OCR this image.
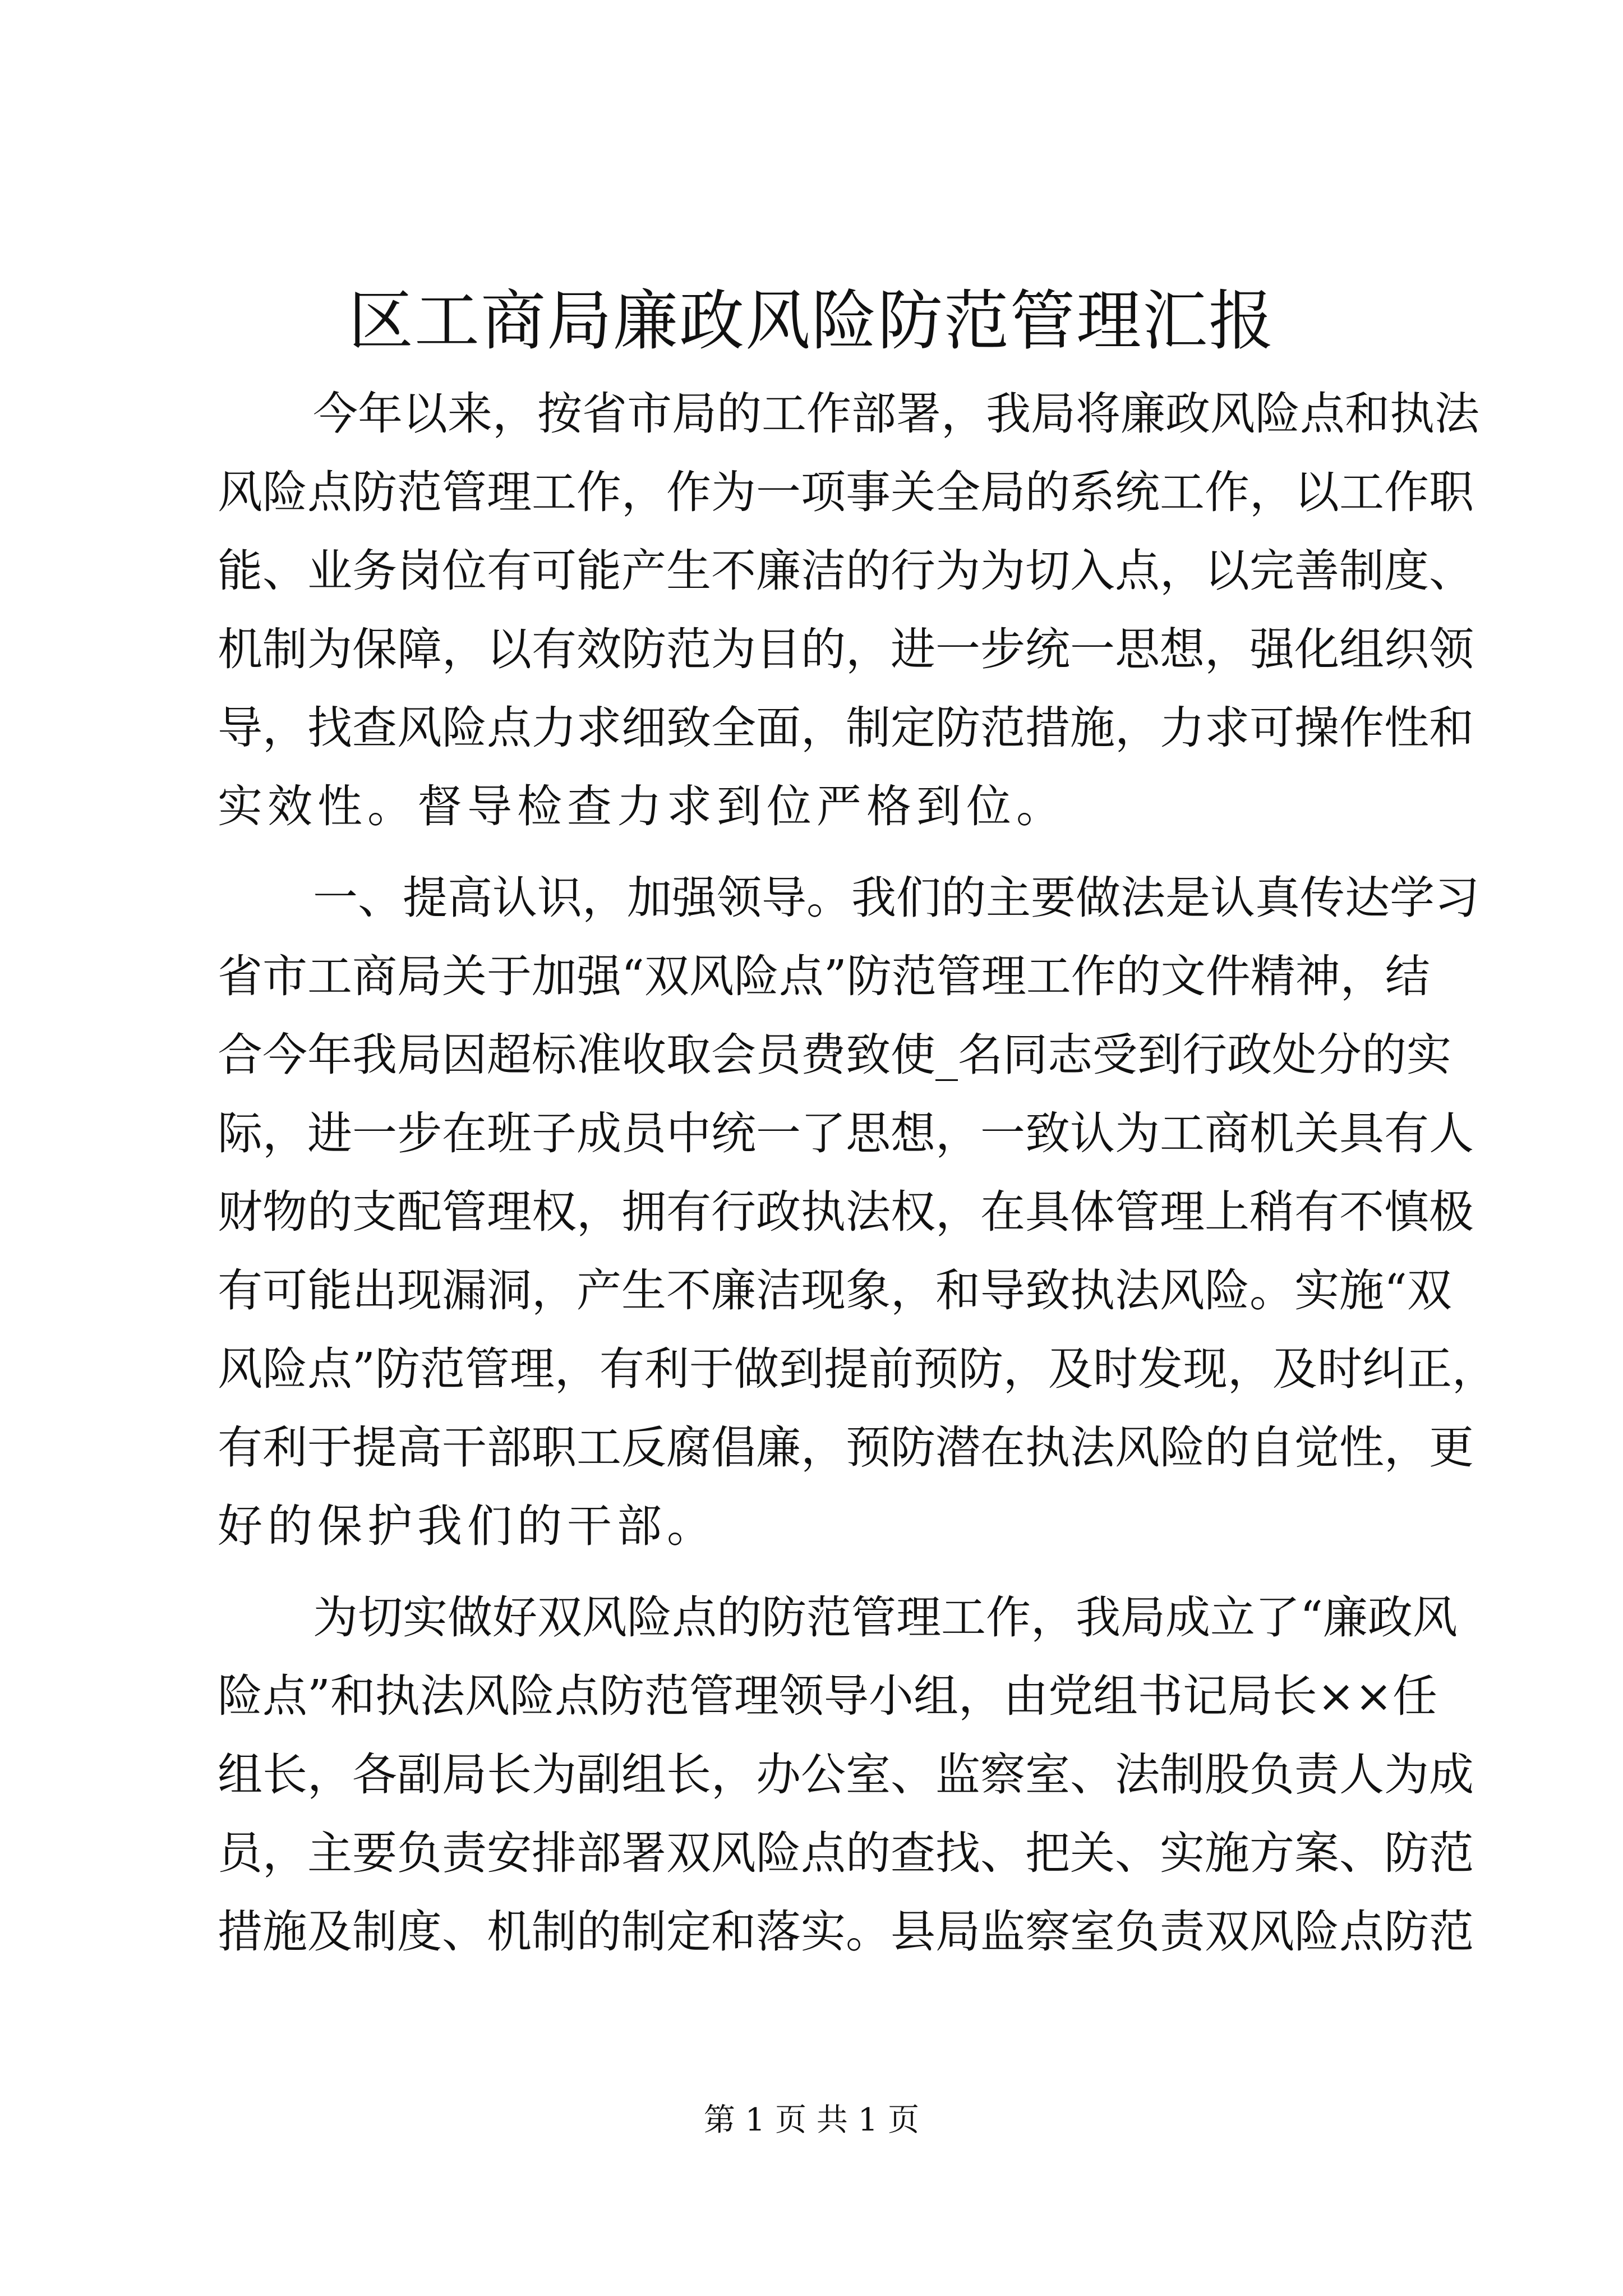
区工商局廉政风险防范管理汇报
今年以来，按省市局的工作部署，我局将廉政风险点和执法
风险点防范管理工作，作为一项事关全局的系统工作，以工作职
能、业务岗位有可能产生不廉洁的行为为切入点，以完善制度、
机制为保障，以有效防范为目的，进一步统一思想，强化组织领
导，找查风险点力求细致全面，制定防范措施，力求可操作性和
实效性。督导检查力求到位严格到位。
一、提高认识，加强领导。我们的主要做法是认真传达学习
省市工商局关于加强“双风险点”防范管理工作的文件精神，结
合今年我局因超标准收取会员费致使_名同志受到行政处分的实
际，进一步在班子成员中统一了思想，一致认为工商机关具有人
财物的支配管理权，拥有行政执法权，在具体管理上稍有不慎极
有可能出现漏洞，产生不廉洁现象，和导致执法风险。实施“双
风险点”防范管理，有利于做到提前预防，及时发现，及时纠正，
有利于提高干部职工反腐倡廉，预防潜在执法风险的自觉性，更
好的保护我们的干部。
为切实做好双风险点的防范管理工作，我局成立了“廉政风
险点”和执法风险点防范管理领导小组，由党组书记局长××任
组长，各副局长为副组长，办公室、监察室、法制股负责人为成
员，主要负责安排部署双风险点的查找、把关、实施方案、防范
措施及制度、机制的制定和落实。县局监察室负责双风险点防范
第 1 页 共 1 页
